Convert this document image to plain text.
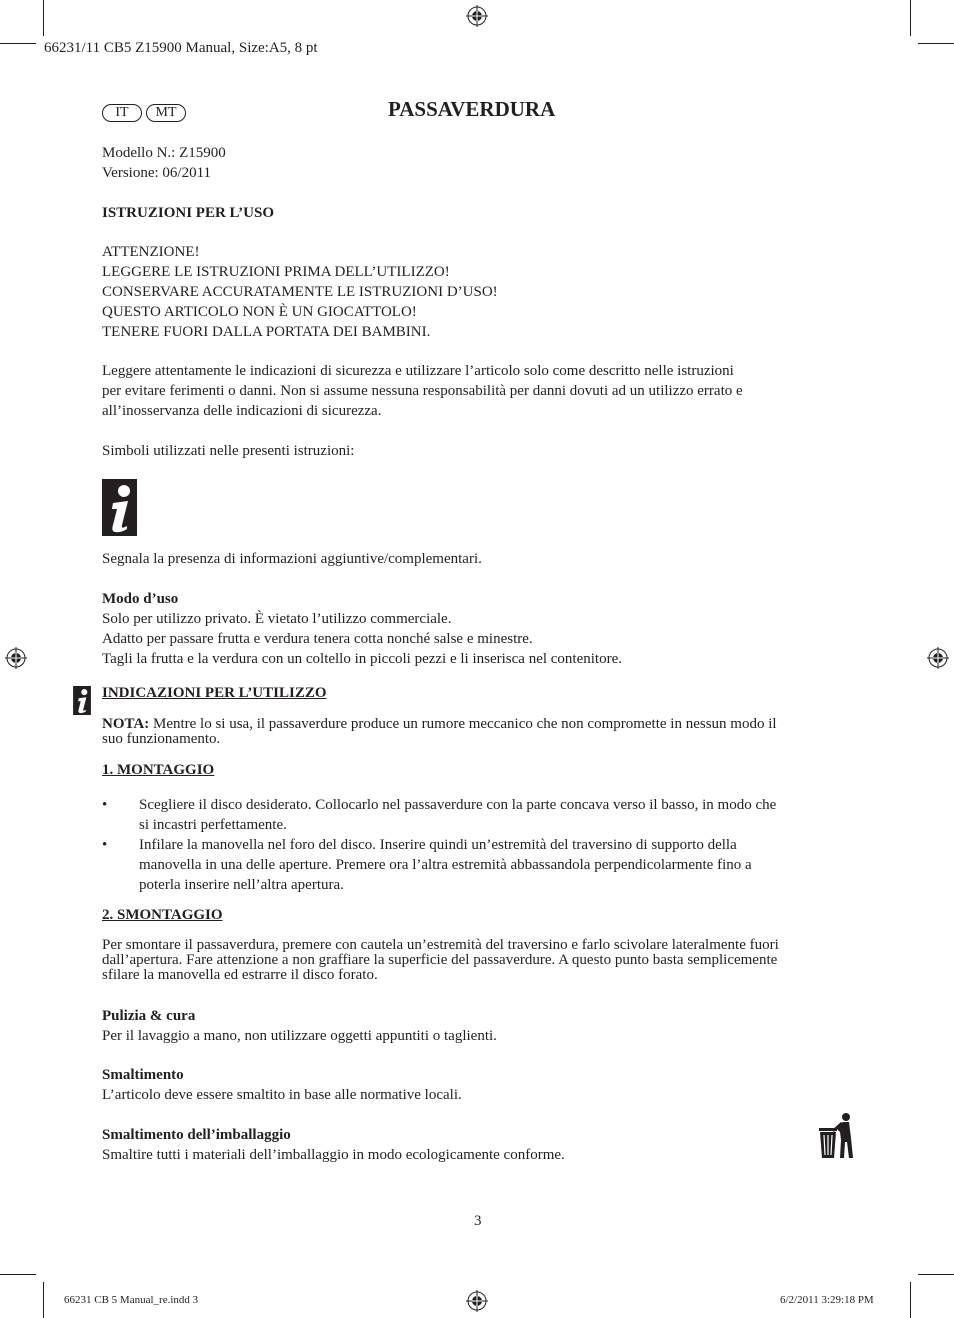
66231/11 CB5 Z15900 Manual, Size:A5, 8 pt
IT MT	PASSAVERDURA
Modello N.: Z15900
Versione: 06/2011
ISTRUZIONI PER L’USO
ATTENZIONE!
LEGGERE LE ISTRUZIONI PRIMA DELL’UTILIZZO!
CONSERVARE ACCURATAMENTE LE ISTRUZIONI D’USO!
QUESTO ARTICOLO NON È UN GIOCATTOLO!
TENERE FUORI DALLA PORTATA DEI BAMBINI.
Leggere attentamente le indicazioni di sicurezza e utilizzare l’articolo solo come descritto nelle istruzioni
per evitare ferimenti o danni. Non si assume nessuna responsabilità per danni dovuti ad un utilizzo errato e
all’inosservanza delle indicazioni di sicurezza.
Simboli utilizzati nelle presenti istruzioni:
Segnala la presenza di informazioni aggiuntive/complementari.
Modo d’uso
Solo per utilizzo privato. È vietato l’utilizzo commerciale.
Adatto per passare frutta e verdura tenera cotta nonché salse e minestre.
Tagli la frutta e la verdura con un coltello in piccoli pezzi e li inserisca nel contenitore.
INDICAZIONI PER L’UTILIZZO
NOTA: Mentre lo si usa, il passaverdure produce un rumore meccanico che non compromette in nessun modo il
suo funzionamento.
1. MONTAGGIO
• Scegliere il disco desiderato. Collocarlo nel passaverdure con la parte concava verso il basso, in modo che
si incastri perfettamente.
• Infilare la manovella nel foro del disco. Inserire quindi un’estremità del traversino di supporto della
manovella in una delle aperture. Premere ora l’altra estremità abbassandola perpendicolarmente fino a
poterla inserire nell’altra apertura.
2. SMONTAGGIO
Per smontare il passaverdura, premere con cautela un’estremità del traversino e farlo scivolare lateralmente fuori
dall’apertura. Fare attenzione a non graffiare la superficie del passaverdure. A questo punto basta semplicemente
sfilare la manovella ed estrarre il disco forato.
Pulizia & cura
Per il lavaggio a mano, non utilizzare oggetti appuntiti o taglienti.
Smaltimento
L’articolo deve essere smaltito in base alle normative locali.
Smaltimento dell’imballaggio
Smaltire tutti i materiali dell’imballaggio in modo ecologicamente conforme.
3
66231 CB 5 Manual_re.indd 3	6/2/2011 3:29:18 PM
